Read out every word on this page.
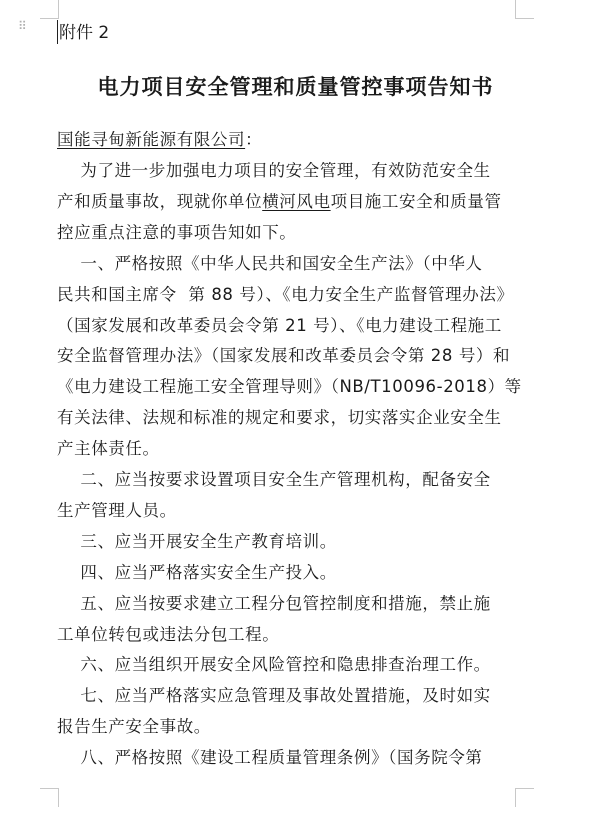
⠿ 附件 2
电力项目安全管理和质量管控事项告知书
国能寻甸新能源有限公司：
为了进一步加强电力项目的安全管理，有效防范安全生
产和质量事故，现就你单位横河风电项目施工安全和质量管
控应重点注意的事项告知如下。
一、严格按照《中华人民共和国安全生产法》（中华人
民共和国主席令  第 88 号）、《电力安全生产监督管理办法》
（国家发展和改革委员会令第 21 号）、《电力建设工程施工
安全监督管理办法》（国家发展和改革委员会令第 28 号）和
《电力建设工程施工安全管理导则》（NB/T10096-2018）等
有关法律、法规和标准的规定和要求，切实落实企业安全生
产主体责任。
二、应当按要求设置项目安全生产管理机构，配备安全
生产管理人员。
三、应当开展安全生产教育培训。
四、应当严格落实安全生产投入。
五、应当按要求建立工程分包管控制度和措施，禁止施
工单位转包或违法分包工程。
六、应当组织开展安全风险管控和隐患排查治理工作。
七、应当严格落实应急管理及事故处置措施，及时如实
报告生产安全事故。
八、严格按照《建设工程质量管理条例》（国务院令第
